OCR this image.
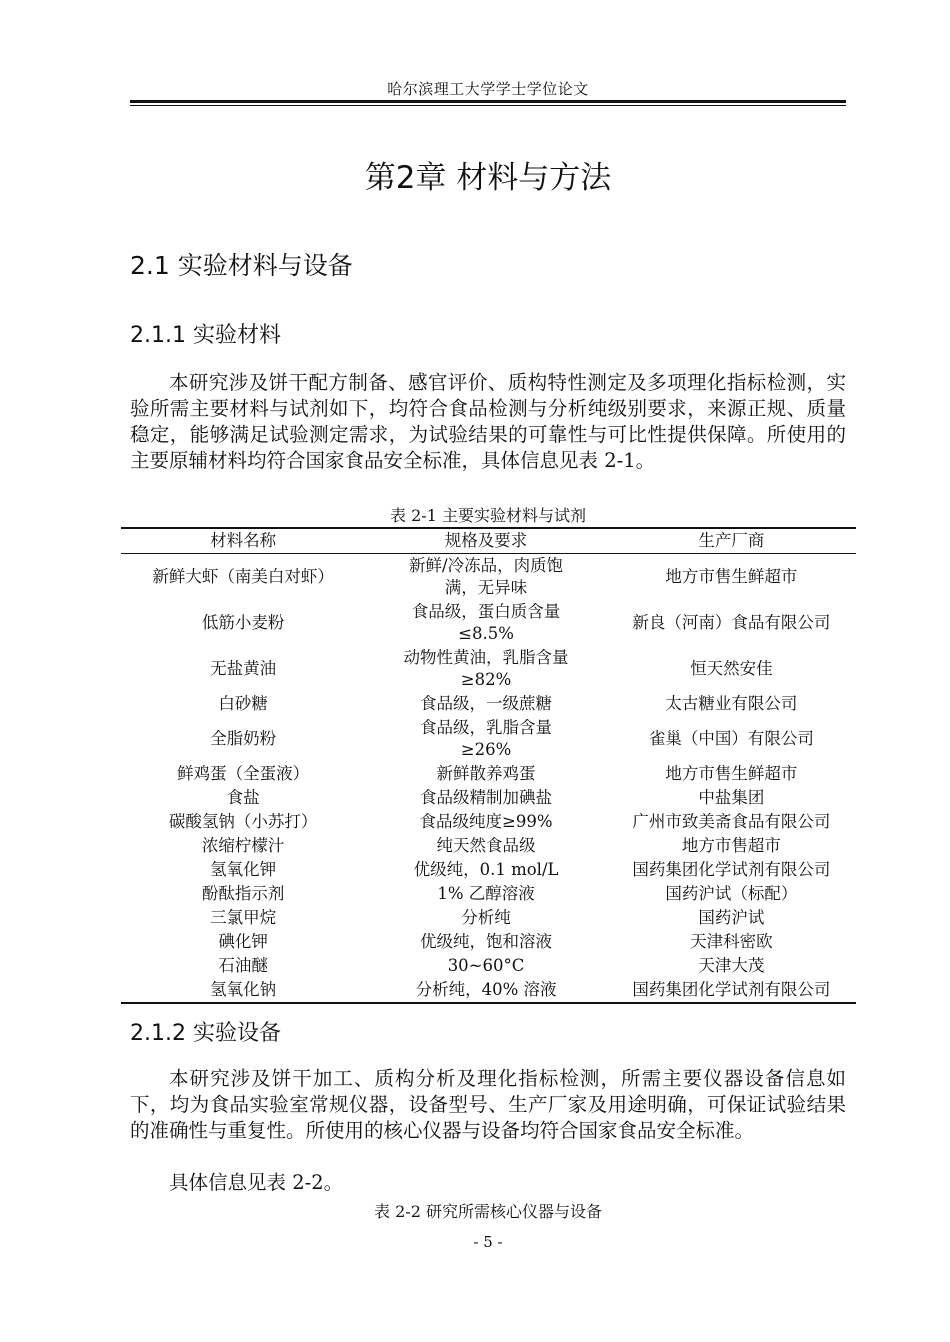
哈尔滨理工大学学士学位论文
第2章 材料与方法
2.1 实验材料与设备
2.1.1 实验材料

本研究涉及饼干配方制备、感官评价、质构特性测定及多项理化指标检测，实验所需主要材料与试剂如下，均符合食品检测与分析纯级别要求，来源正规、质量稳定，能够满足试验测定需求，为试验结果的可靠性与可比性提供保障。所使用的主要原辅材料均符合国家食品安全标准，具体信息见表 2-1。

表 2-1 主要实验材料与试剂
材料名称	规格及要求	生产厂商
新鲜大虾（南美白对虾）	新鲜/冷冻品，肉质饱满，无异味	地方市售生鲜超市
低筋小麦粉	食品级，蛋白质含量≤8.5%	新良（河南）食品有限公司
无盐黄油	动物性黄油，乳脂含量≥82%	恒天然安佳
白砂糖	食品级，一级蔗糖	太古糖业有限公司
全脂奶粉	食品级，乳脂含量≥26%	雀巢（中国）有限公司
鲜鸡蛋（全蛋液）	新鲜散养鸡蛋	地方市售生鲜超市
食盐	食品级精制加碘盐	中盐集团
碳酸氢钠（小苏打）	食品级纯度≥99%	广州市致美斋食品有限公司
浓缩柠檬汁	纯天然食品级	地方市售超市
氢氧化钾	优级纯，0.1 mol/L	国药集团化学试剂有限公司
酚酞指示剂	1% 乙醇溶液	国药沪试（标配）
三氯甲烷	分析纯	国药沪试
碘化钾	优级纯，饱和溶液	天津科密欧
石油醚	30~60°C	天津大茂
氢氧化钠	分析纯，40% 溶液	国药集团化学试剂有限公司
2.1.2 实验设备

本研究涉及饼干加工、质构分析及理化指标检测，所需主要仪器设备信息如下，均为食品实验室常规仪器，设备型号、生产厂家及用途明确，可保证试验结果的准确性与重复性。所使用的核心仪器与设备均符合国家食品安全标准。

具体信息见表 2-2。

表 2-2 研究所需核心仪器与设备
- 5 -
